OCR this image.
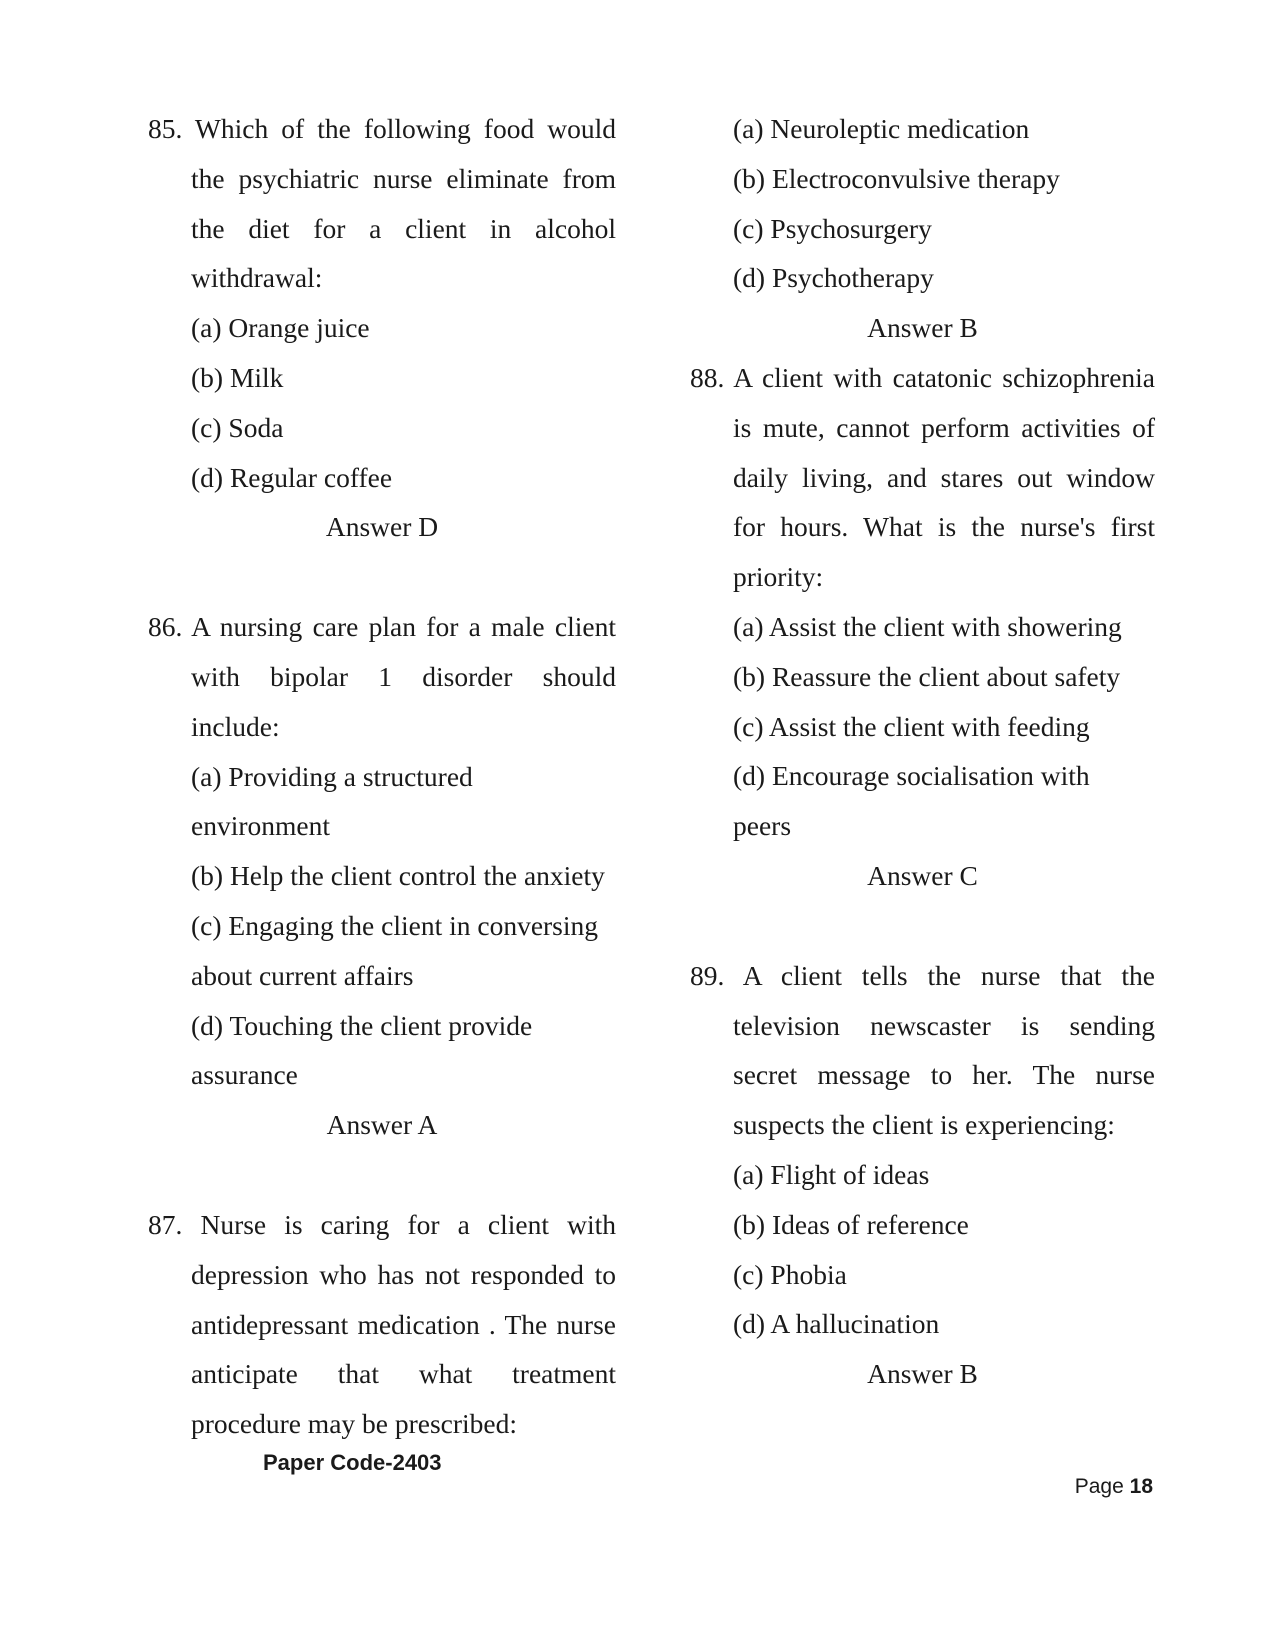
85. Which of the following food would the psychiatric nurse eliminate from the diet for a client in alcohol withdrawal:

(a) Orange juice

(b) Milk

(c) Soda

(d) Regular coffee

Answer D

86. A nursing care plan for a male client with bipolar 1 disorder should include:

(a) Providing a structured

environment

(b) Help the client control the anxiety

(c) Engaging the client in conversing about current affairs

(d) Touching the client provide

assurance

Answer A

87. Nurse is caring for a client with depression who has not responded to antidepressant medication . The nurse anticipate that what treatment procedure may be prescribed:

(a) Neuroleptic medication

(b) Electroconvulsive therapy

(c) Psychosurgery

(d) Psychotherapy

Answer B

88. A client with catatonic schizophrenia is mute, cannot perform activities of daily living, and stares out window for hours. What is the nurse's first priority:

(a) Assist the client with showering

(b) Reassure the client about safety

(c) Assist the client with feeding

(d) Encourage socialisation with

peers

Answer C

89. A client tells the nurse that the television newscaster is sending secret message to her. The nurse suspects the client is experiencing:

(a) Flight of ideas

(b) Ideas of reference

(c) Phobia

(d) A hallucination

Answer B

Paper Code-2403
Page 18
